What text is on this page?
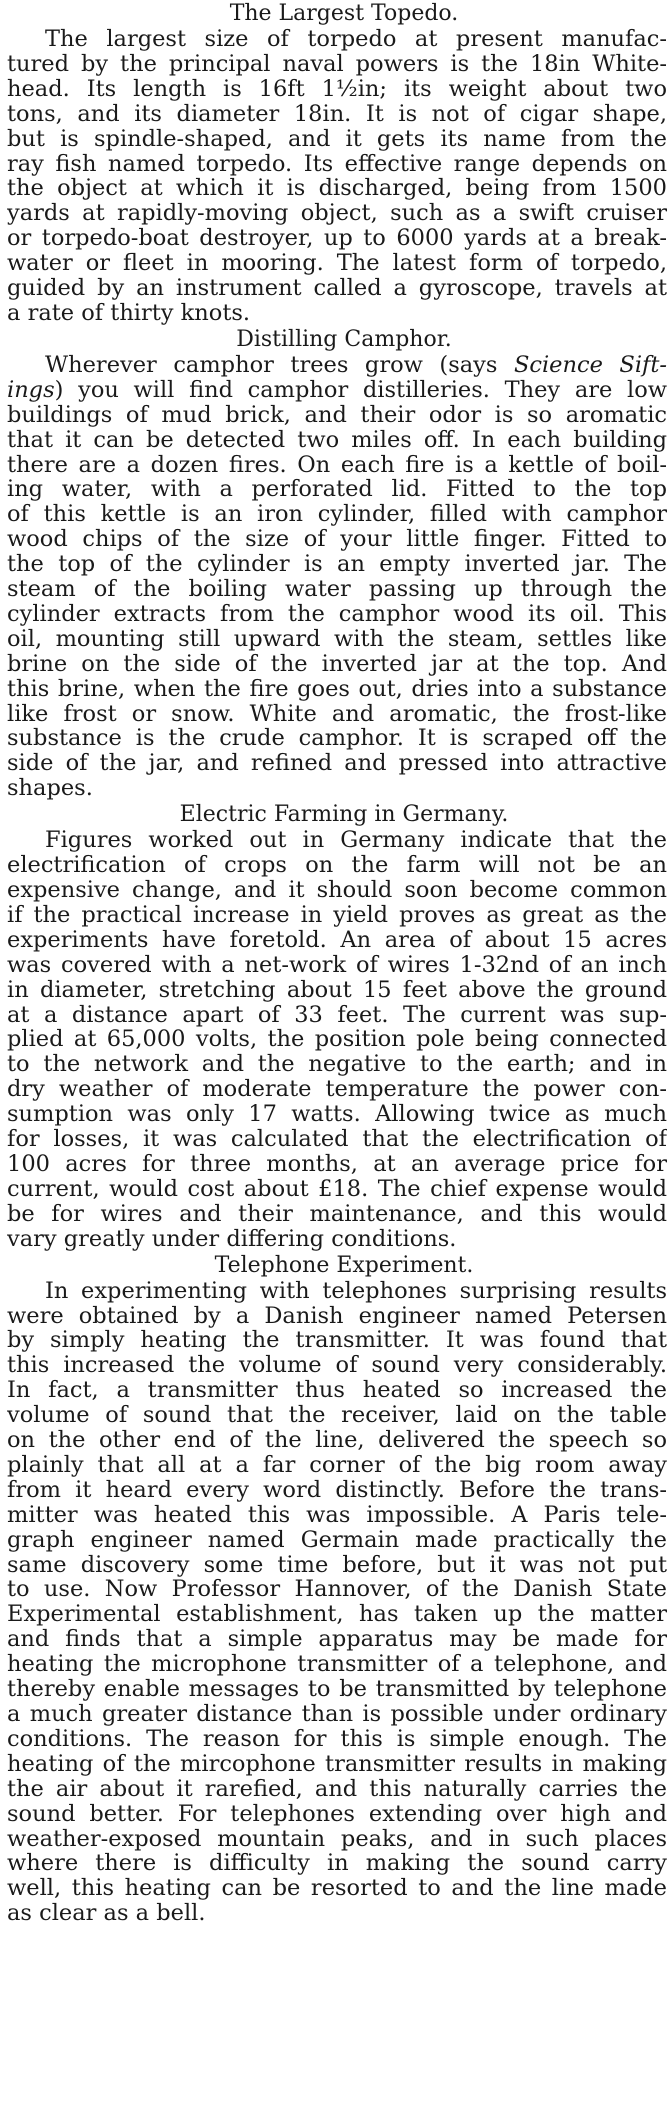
The Largest Topedo.

The largest size of torpedo at present manufac-

tured by the principal naval powers is the 18in White-

head. Its length is 16ft 1½in; its weight about two

tons, and its diameter 18in. It is not of cigar shape,

but is spindle-shaped, and it gets its name from the

ray fish named torpedo. Its effective range depends on

the object at which it is discharged, being from 1500

yards at rapidly-moving object, such as a swift cruiser

or torpedo-boat destroyer, up to 6000 yards at a break-

water or fleet in mooring. The latest form of torpedo,

guided by an instrument called a gyroscope, travels at

a rate of thirty knots.

Distilling Camphor.

Wherever camphor trees grow (says Science Sift-

ings) you will find camphor distilleries. They are low

buildings of mud brick, and their odor is so aromatic

that it can be detected two miles off. In each building

there are a dozen fires. On each fire is a kettle of boil-

ing water, with a perforated lid. Fitted to the top

of this kettle is an iron cylinder, filled with camphor

wood chips of the size of your little finger. Fitted to

the top of the cylinder is an empty inverted jar. The

steam of the boiling water passing up through the

cylinder extracts from the camphor wood its oil. This

oil, mounting still upward with the steam, settles like

brine on the side of the inverted jar at the top. And

this brine, when the fire goes out, dries into a substance

like frost or snow. White and aromatic, the frost-like

substance is the crude camphor. It is scraped off the

side of the jar, and refined and pressed into attractive

shapes.

Electric Farming in Germany.

Figures worked out in Germany indicate that the

electrification of crops on the farm will not be an

expensive change, and it should soon become common

if the practical increase in yield proves as great as the

experiments have foretold. An area of about 15 acres

was covered with a net-work of wires 1-32nd of an inch

in diameter, stretching about 15 feet above the ground

at a distance apart of 33 feet. The current was sup-

plied at 65,000 volts, the position pole being connected

to the network and the negative to the earth; and in

dry weather of moderate temperature the power con-

sumption was only 17 watts. Allowing twice as much

for losses, it was calculated that the electrification of

100 acres for three months, at an average price for

current, would cost about £18. The chief expense would

be for wires and their maintenance, and this would

vary greatly under differing conditions.

Telephone Experiment.

In experimenting with telephones surprising results

were obtained by a Danish engineer named Petersen

by simply heating the transmitter. It was found that

this increased the volume of sound very considerably.

In fact, a transmitter thus heated so increased the

volume of sound that the receiver, laid on the table

on the other end of the line, delivered the speech so

plainly that all at a far corner of the big room away

from it heard every word distinctly. Before the trans-

mitter was heated this was impossible. A Paris tele-

graph engineer named Germain made practically the

same discovery some time before, but it was not put

to use. Now Professor Hannover, of the Danish State

Experimental establishment, has taken up the matter

and finds that a simple apparatus may be made for

heating the microphone transmitter of a telephone, and

thereby enable messages to be transmitted by telephone

a much greater distance than is possible under ordinary

conditions. The reason for this is simple enough. The

heating of the mircophone transmitter results in making

the air about it rarefied, and this naturally carries the

sound better. For telephones extending over high and

weather-exposed mountain peaks, and in such places

where there is difficulty in making the sound carry

well, this heating can be resorted to and the line made

as clear as a bell.
